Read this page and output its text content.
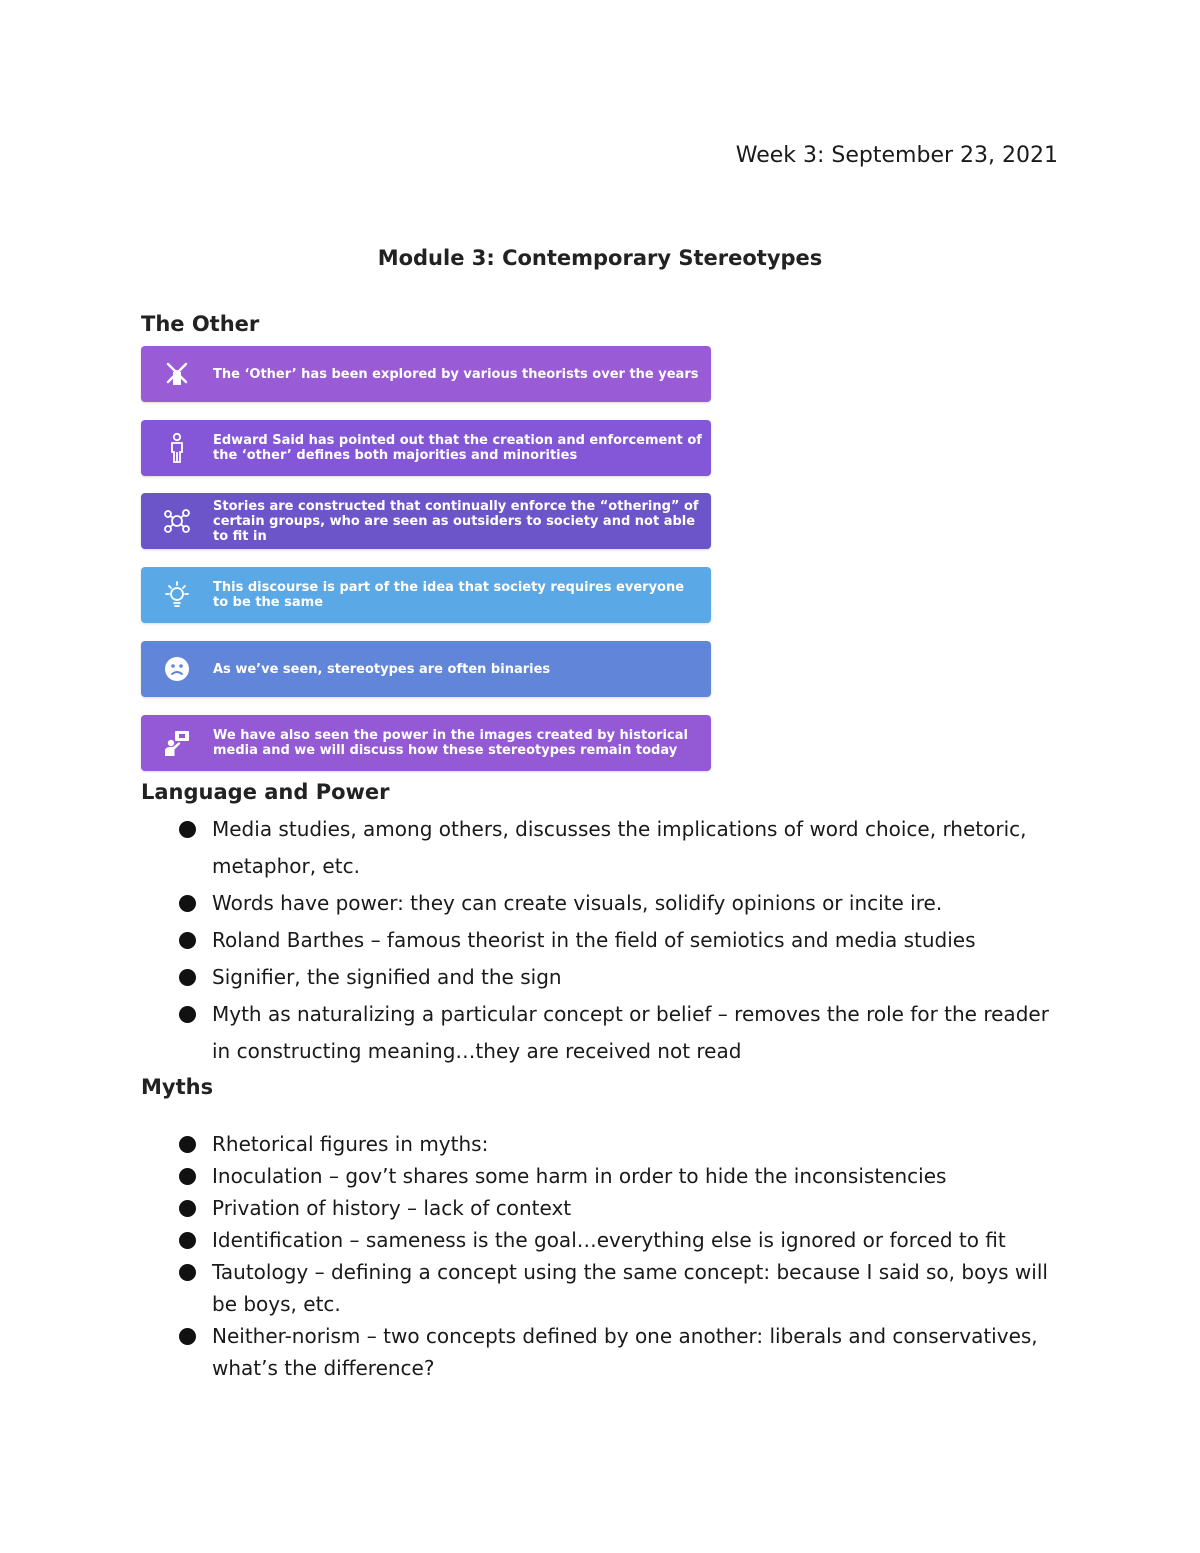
Week 3: September 23, 2021
Module 3: Contemporary Stereotypes
The Other
The ‘Other’ has been explored by various theorists over the years
Edward Said has pointed out that the creation and enforcement of the ‘other’ defines both majorities and minorities
Stories are constructed that continually enforce the “othering” of certain groups, who are seen as outsiders to society and not able to fit in
This discourse is part of the idea that society requires everyone to be the same
As we’ve seen, stereotypes are often binaries
We have also seen the power in the images created by historical media and we will discuss how these stereotypes remain today
Language and Power
Media studies, among others, discusses the implications of word choice, rhetoric, metaphor, etc.
Words have power: they can create visuals, solidify opinions or incite ire.
Roland Barthes – famous theorist in the field of semiotics and media studies
Signifier, the signified and the sign
Myth as naturalizing a particular concept or belief – removes the role for the reader in constructing meaning…they are received not read
Myths
Rhetorical figures in myths:
Inoculation – gov’t shares some harm in order to hide the inconsistencies
Privation of history – lack of context
Identification – sameness is the goal…everything else is ignored or forced to fit
Tautology – defining a concept using the same concept: because I said so, boys will be boys, etc.
Neither-norism – two concepts defined by one another: liberals and conservatives, what’s the difference?
